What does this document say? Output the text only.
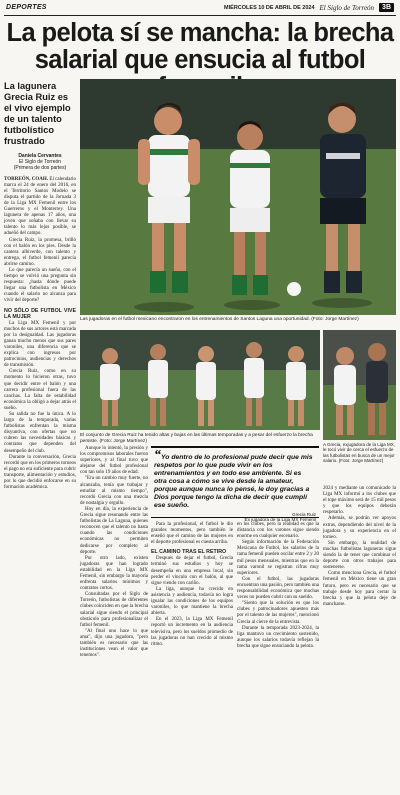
DEPORTES	MIÉRCOLES 10 DE ABRIL DE 2024 El Siglo de Torreón	3B
La pelota sí se mancha: la brecha salarial que ensucia al futbol
La lagunera Grecia Ruiz es el vivo ejemplo de un talento futbolístico frustrado
Daniela Cervantes
El Siglo de Torreón
(Primera de dos partes)

TORREÓN, COAH. El calendario marca el 24 de enero del 2016, en el Territorio Santos Modelo se disputa el partido de la Jornada 3 de la Liga MX Femenil entre los Guerreros y el Monterrey. Una lagunera de apenas 17 años, una joven que soñaba con llevar su talento lo más lejos posible, se adueñó del campo.

Grecia Ruiz, la promesa, brilló con el balón en los pies. Desde la cantera albiverde, con talento y entrega, el futbol femenil parecía abrirse camino.

Lo que parecía un sueño, con el tiempo se volvió una pregunta sin respuesta: ¿hasta dónde puede llegar una futbolista en México cuando el salario no alcanza para vivir del deporte?

NO SÓLO DE FUTBOL VIVE LA MUJER

La Liga MX Femenil y por muchos de sus actores está marcada por la desigualdad. Las jugadoras ganan mucho menos que sus pares varoniles, una diferencia que se explica con ingresos por patrocinios, audiencias y derechos de transmisión.

Grecia Ruiz, como en su momento lo hicieron otras, tuvo que decidir entre el balón y una carrera profesional fuera de las canchas. La falta de estabilidad económica la obligó a dejar atrás el sueño.

Su salida no fue la única. A lo largo de la temporada, varias futbolistas enfrentan la misma disyuntiva, con ofertas que no cubren las necesidades básicas y contratos que dependen del desempeño del club.

Durante la conversación, Grecia recordó que en los primeros torneos el pago no era suficiente para cubrir transporte, alimentación y estudios, por lo que decidió enfocarse en su formación académica.

Las jugadoras en el futbol mexicano encontraron en los entrenamientos de Santos Laguna una oportunidad. (Foto: Jorge Martínez)
El conjunto de Grecia Ruiz ha tenido altas y bajas en las últimas temporadas y a pesar del esfuerzo la brecha persiste. (Foto: Jorge Martínez)
A Grecia, exjugadora de la Liga MX, le tocó vivir de cerca el esfuerzo de las futbolistas en busca de un mejor salario. (Foto: Jorge Martínez)

Aunque lo intentó, la presión y los compromisos laborales fueron superiores, y al final tuvo que alejarse del futbol profesional con tan solo 19 años de edad.

"Era un cambio muy fuerte, no alcanzaba, tenía que trabajar y estudiar al mismo tiempo", recordó Grecia con una mezcla de nostalgia y orgullo.

Hoy en día, la experiencia de Grecia sigue resonando entre las futbolistas de La Laguna, quienes reconocen que el talento no basta cuando las condiciones económicas no permiten dedicarse por completo al deporte.

Por otro lado, existen jugadoras que han logrado estabilidad en la Liga MX Femenil, sin embargo la mayoría enfrenta salarios mínimos y contratos cortos.

Consultadas por el Siglo de Torreón, futbolistas de diferentes clubes coinciden en que la brecha salarial sigue siendo el principal obstáculo para profesionalizar el futbol femenil.

"Al final uno hace lo que ama", dijo una jugadora, "pero también es necesario que las instituciones vean el valor que tenemos".

“Yo dentro de lo profesional pude decir que mis respetos por lo que pude vivir en los entrenamientos y en todo ese ambiente. Si es otra cosa a cómo se vive desde la amateur, porque aunque nunca lo pensé, le doy gracias a Dios porque tengo la dicha de decir que cumplí ese sueño.
Grecia Ruiz
Ex jugadora de la Liga MX Femenil

Para la profesional, el futbol le dio grandes momentos, pero también le enseñó que el camino de las mujeres en el deporte profesional es cuesta arriba.

EL CAMINO TRAS EL RETIRO

Después de dejar el futbol, Grecia terminó sus estudios y hoy se desempeña en una empresa local, sin perder el vínculo con el balón, al que sigue viendo con cariño.

La liga, aunque ha crecido en asistencia y audiencia, todavía no logra igualar las condiciones de los equipos varoniles, lo que mantiene la brecha abierta.

En el 2023, la Liga MX Femenil reportó un incremento en la audiencia televisiva, pero los sueldos promedio de las jugadoras no han crecido al mismo ritmo.

en los clubes, pero la realidad es que la distancia con los varones sigue siendo enorme en cualquier escenario.

Según información de la Federación Mexicana de Futbol, los salarios de la rama femenil pueden oscilar entre 2 y 20 mil pesos mensuales, mientras que en la rama varonil se registran cifras muy superiores.

Con el futbol, las jugadoras encuentran una pasión, pero también una responsabilidad económica que muchas veces no pueden cubrir con su sueldo.

"Siento que la solución es que los clubes y patrocinadores apuesten más por el talento de las mujeres", mencionó Grecia al cierre de la entrevista.

Durante la temporada 2023-2024, la liga mantuvo un crecimiento sostenido, aunque los salarios todavía reflejan la brecha que sigue ensuciando la pelota.

2024 y mediante un comunicado la Liga MX informó a los clubes que el tope máximo será de 15 mil pesos y que los equipos deberán respetarlo.

Además, se podrán ver apoyos extras, dependiendo del nivel de la jugadora y su experiencia en el torneo.

Sin embargo, la realidad de muchas futbolistas laguneras sigue siendo la de tener que combinar el deporte con otros trabajos para sostenerse.

Como menciona Grecia, el futbol femenil en México tiene un gran futuro, pero es necesario que se trabaje desde hoy para cerrar la brecha y que la pelota deje de mancharse.
